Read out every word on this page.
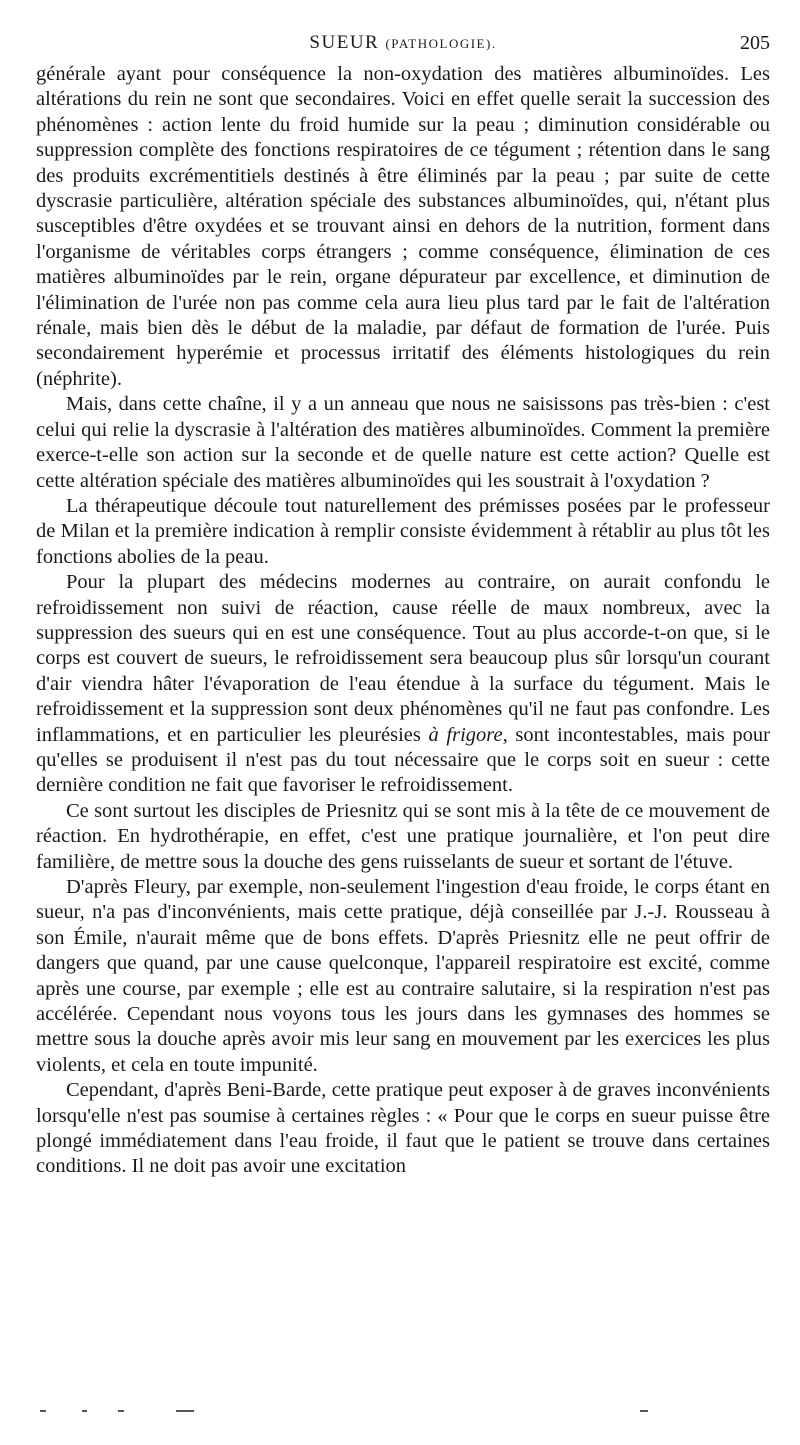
SUEUR (PATHOLOGIE).	205

générale ayant pour conséquence la non-oxydation des matières albuminoïdes. Les altérations du rein ne sont que secondaires. Voici en effet quelle serait la succession des phénomènes : action lente du froid humide sur la peau ; diminution considérable ou suppression complète des fonctions respiratoires de ce tégument ; rétention dans le sang des produits excrémentitiels destinés à être éliminés par la peau ; par suite de cette dyscrasie particulière, altération spéciale des substances albuminoïdes, qui, n'étant plus susceptibles d'être oxydées et se trouvant ainsi en dehors de la nutrition, forment dans l'organisme de véritables corps étrangers ; comme conséquence, élimination de ces matières albuminoïdes par le rein, organe dépurateur par excellence, et diminution de l'élimination de l'urée non pas comme cela aura lieu plus tard par le fait de l'altération rénale, mais bien dès le début de la maladie, par défaut de formation de l'urée. Puis secondairement hyperémie et processus irritatif des éléments histologiques du rein (néphrite).

Mais, dans cette chaîne, il y a un anneau que nous ne saisissons pas très-bien : c'est celui qui relie la dyscrasie à l'altération des matières albuminoïdes. Comment la première exerce-t-elle son action sur la seconde et de quelle nature est cette action? Quelle est cette altération spéciale des matières albuminoïdes qui les soustrait à l'oxydation ?

La thérapeutique découle tout naturellement des prémisses posées par le professeur de Milan et la première indication à remplir consiste évidemment à rétablir au plus tôt les fonctions abolies de la peau.

Pour la plupart des médecins modernes au contraire, on aurait confondu le refroidissement non suivi de réaction, cause réelle de maux nombreux, avec la suppression des sueurs qui en est une conséquence. Tout au plus accorde-t-on que, si le corps est couvert de sueurs, le refroidissement sera beaucoup plus sûr lorsqu'un courant d'air viendra hâter l'évaporation de l'eau étendue à la surface du tégument. Mais le refroidissement et la suppression sont deux phénomènes qu'il ne faut pas confondre. Les inflammations, et en particulier les pleurésies à frigore, sont incontestables, mais pour qu'elles se produisent il n'est pas du tout nécessaire que le corps soit en sueur : cette dernière condition ne fait que favoriser le refroidissement.

Ce sont surtout les disciples de Priesnitz qui se sont mis à la tête de ce mouvement de réaction. En hydrothérapie, en effet, c'est une pratique journalière, et l'on peut dire familière, de mettre sous la douche des gens ruisselants de sueur et sortant de l'étuve.

D'après Fleury, par exemple, non-seulement l'ingestion d'eau froide, le corps étant en sueur, n'a pas d'inconvénients, mais cette pratique, déjà conseillée par J.-J. Rousseau à son Émile, n'aurait même que de bons effets. D'après Priesnitz elle ne peut offrir de dangers que quand, par une cause quelconque, l'appareil respiratoire est excité, comme après une course, par exemple ; elle est au contraire salutaire, si la respiration n'est pas accélérée. Cependant nous voyons tous les jours dans les gymnases des hommes se mettre sous la douche après avoir mis leur sang en mouvement par les exercices les plus violents, et cela en toute impunité.

Cependant, d'après Beni-Barde, cette pratique peut exposer à de graves inconvénients lorsqu'elle n'est pas soumise à certaines règles : « Pour que le corps en sueur puisse être plongé immédiatement dans l'eau froide, il faut que le patient se trouve dans certaines conditions. Il ne doit pas avoir une excitation
